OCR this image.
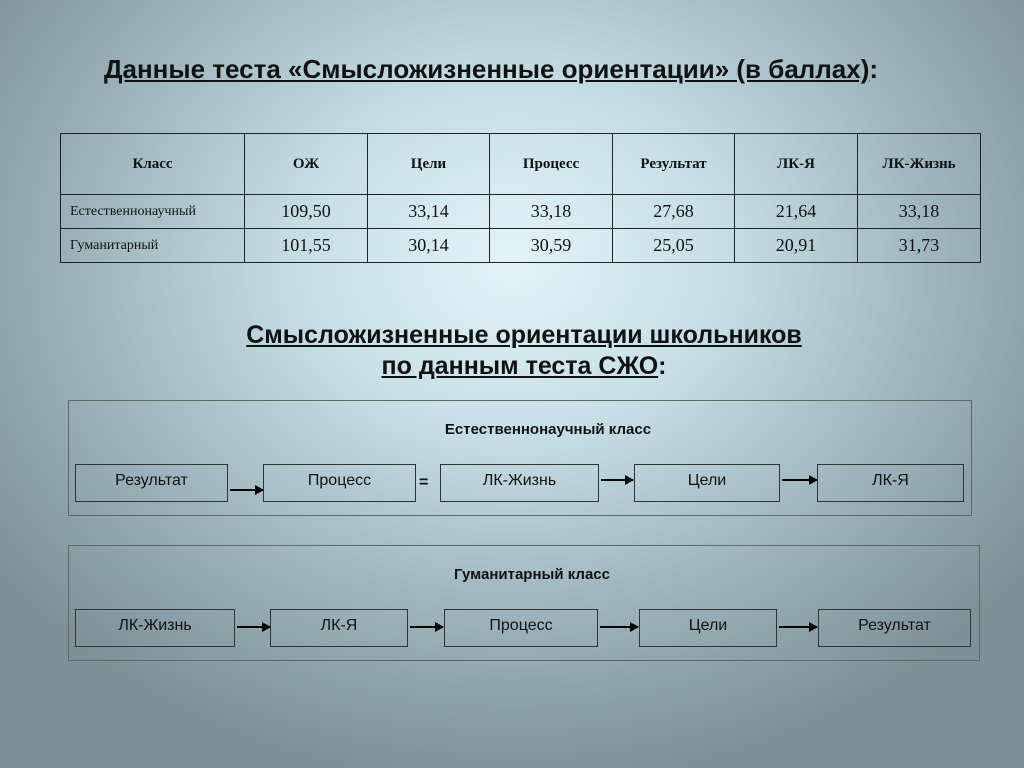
Данные теста «Смысложизненные ориентации» (в баллах):
Класс	ОЖ	Цели	Процесс	Результат	ЛК-Я	ЛК-Жизнь
Естественнонаучный	109,50	33,14	33,18	27,68	21,64	33,18
Гуманитарный	101,55	30,14	30,59	25,05	20,91	31,73
Смысложизненные ориентации школьников
по данным теста СЖО:
Естественнонаучный класс
Результат	Процесс	=	ЛК-Жизнь	Цели	ЛК-Я
Гуманитарный класс
ЛК-Жизнь	ЛК-Я	Процесс	Цели	Результат
